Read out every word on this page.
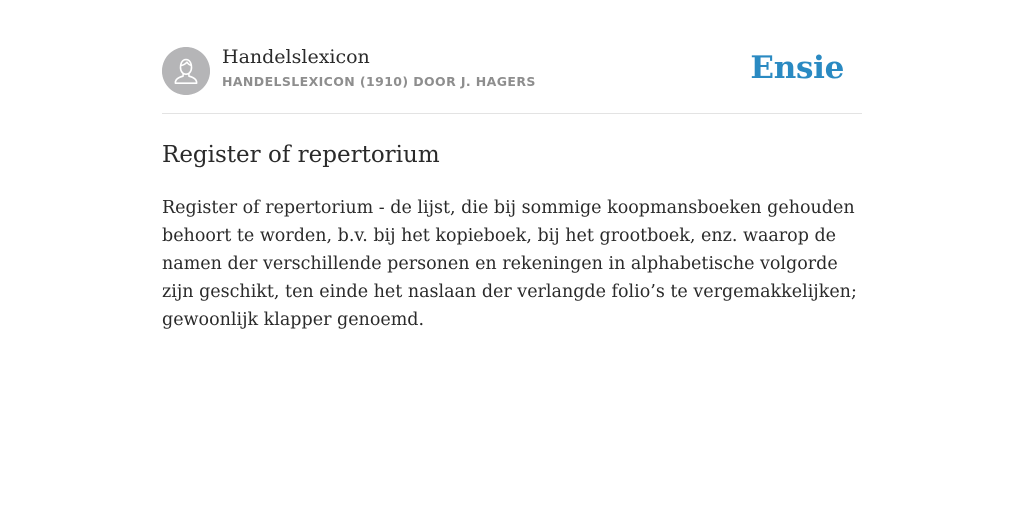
Handelslexicon
HANDELSLEXICON (1910) DOOR J. HAGERS	Ensie
Register of repertorium

Register of repertorium - de lijst, die bij sommige koopmansboeken gehouden behoort te worden, b.v. bij het kopieboek, bij het grootboek, enz. waarop de namen der verschillende personen en rekeningen in alphabetische volgorde zijn geschikt, ten einde het naslaan der verlangde folio’s te vergemakkelijken; gewoonlijk klapper genoemd.
